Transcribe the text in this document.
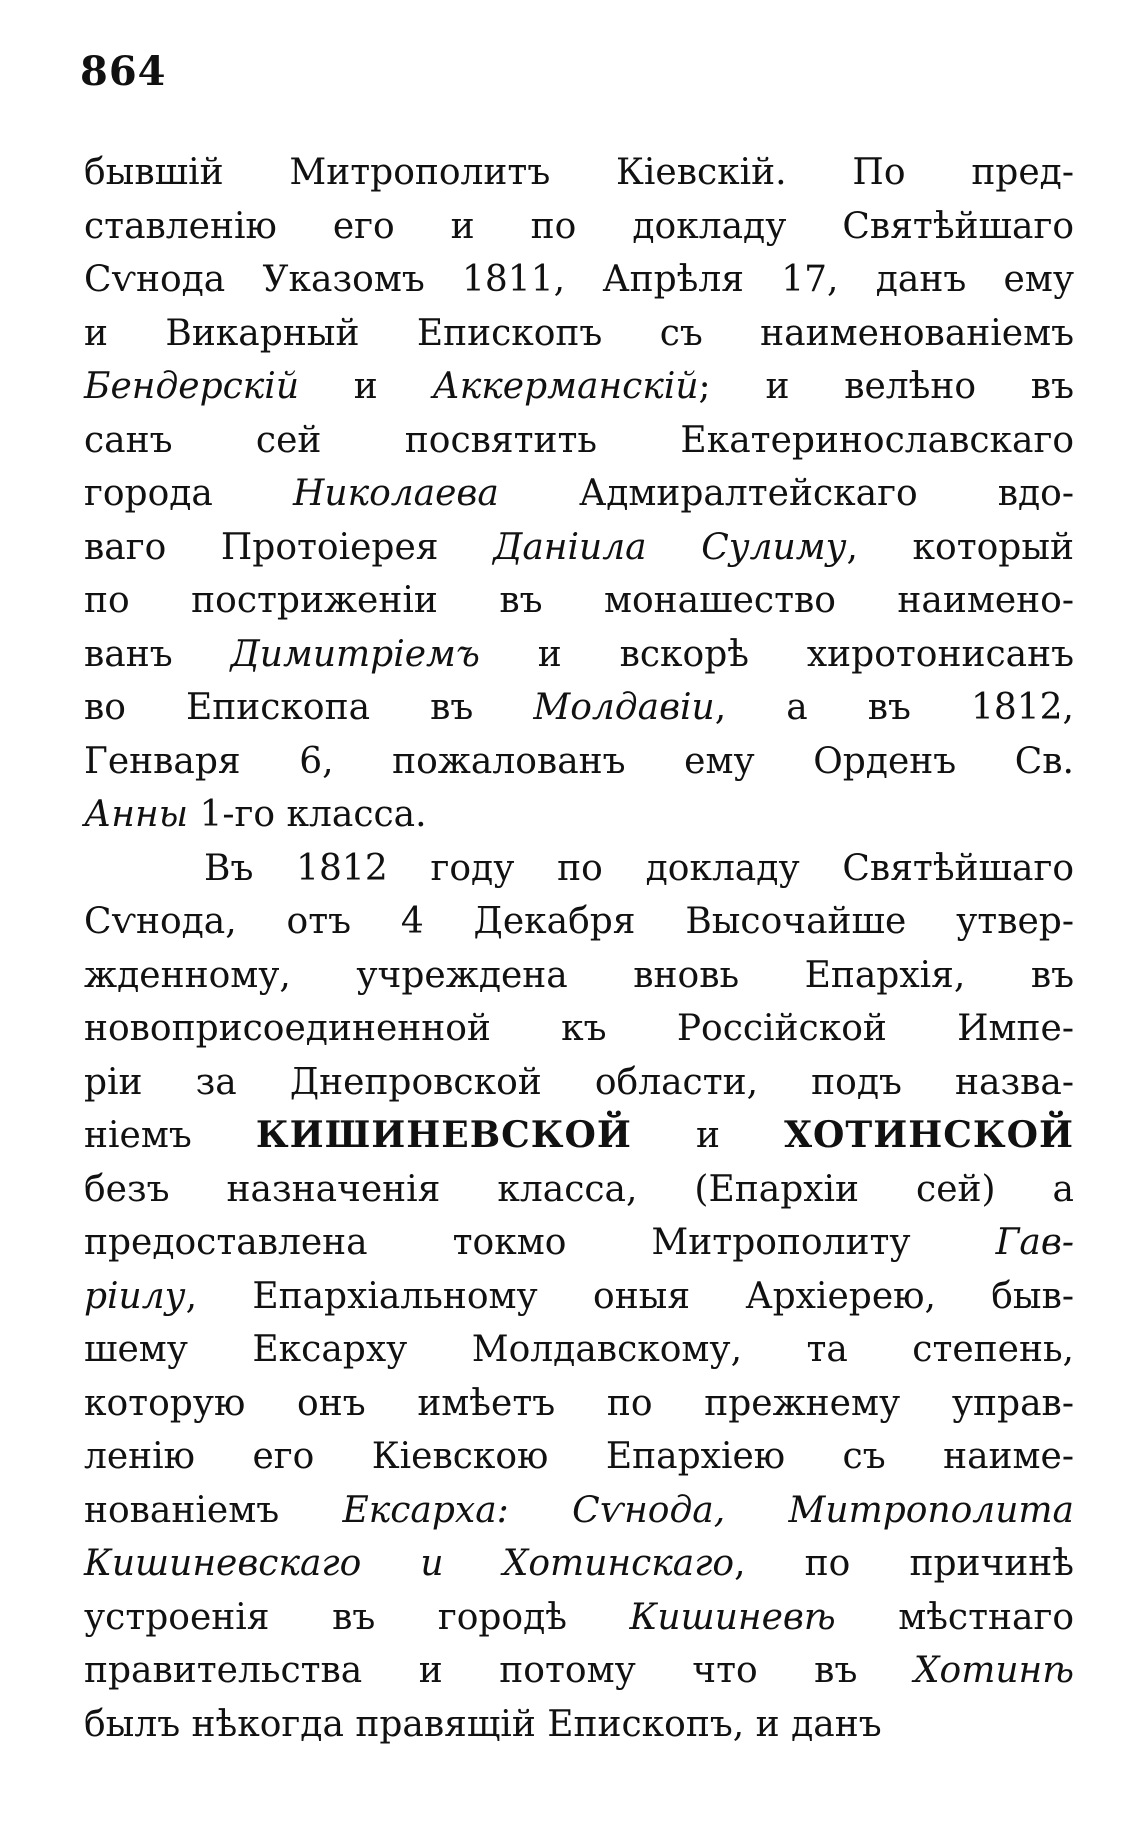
864
бывшій Митрополитъ Кіевскій. По пред-
ставленію его и по докладу Святѣйшаго
Сѵнода Указомъ 1811, Апрѣля 17, данъ ему
и Викарный Епископъ съ наименованіемъ
Бендерскій и Аккерманскій; и велѣно въ
санъ сей посвятить Екатеринославскаго
города Николаева Адмиралтейскаго вдо-
ваго Протоіерея Даніила Сулиму, который
по постриженіи въ монашество наимено-
ванъ Димитріемъ и вскорѣ хиротонисанъ
во Епископа въ Молдавіи, а въ 1812,
Генваря 6, пожалованъ ему Орденъ Св.
Анны 1-го класса.
Въ 1812 году по докладу Святѣйшаго
Сѵнода, отъ 4 Декабря Высочайше утвер-
жденному, учреждена вновь Епархія, въ
новоприсоединенной къ Россійской Импе-
ріи за Днепровской области, подъ назва-
ніемъ КИШИНЕВСКОЙ и ХОТИНСКОЙ
безъ назначенія класса, (Епархіи сей) а
предоставлена токмо Митрополиту Гав-
ріилу, Епархіальному оныя Архіерею, быв-
шему Ексарху Молдавскому, та степень,
которую онъ имѣетъ по прежнему управ-
ленію его Кіевскою Епархіею съ наиме-
нованіемъ Ексарха: Сѵнода, Митрополита
Кишиневскаго и Хотинскаго, по причинѣ
устроенія въ городѣ Кишиневѣ мѣстнаго
правительства и потому что въ Хотинѣ
былъ нѣкогда правящій Епископъ, и данъ
